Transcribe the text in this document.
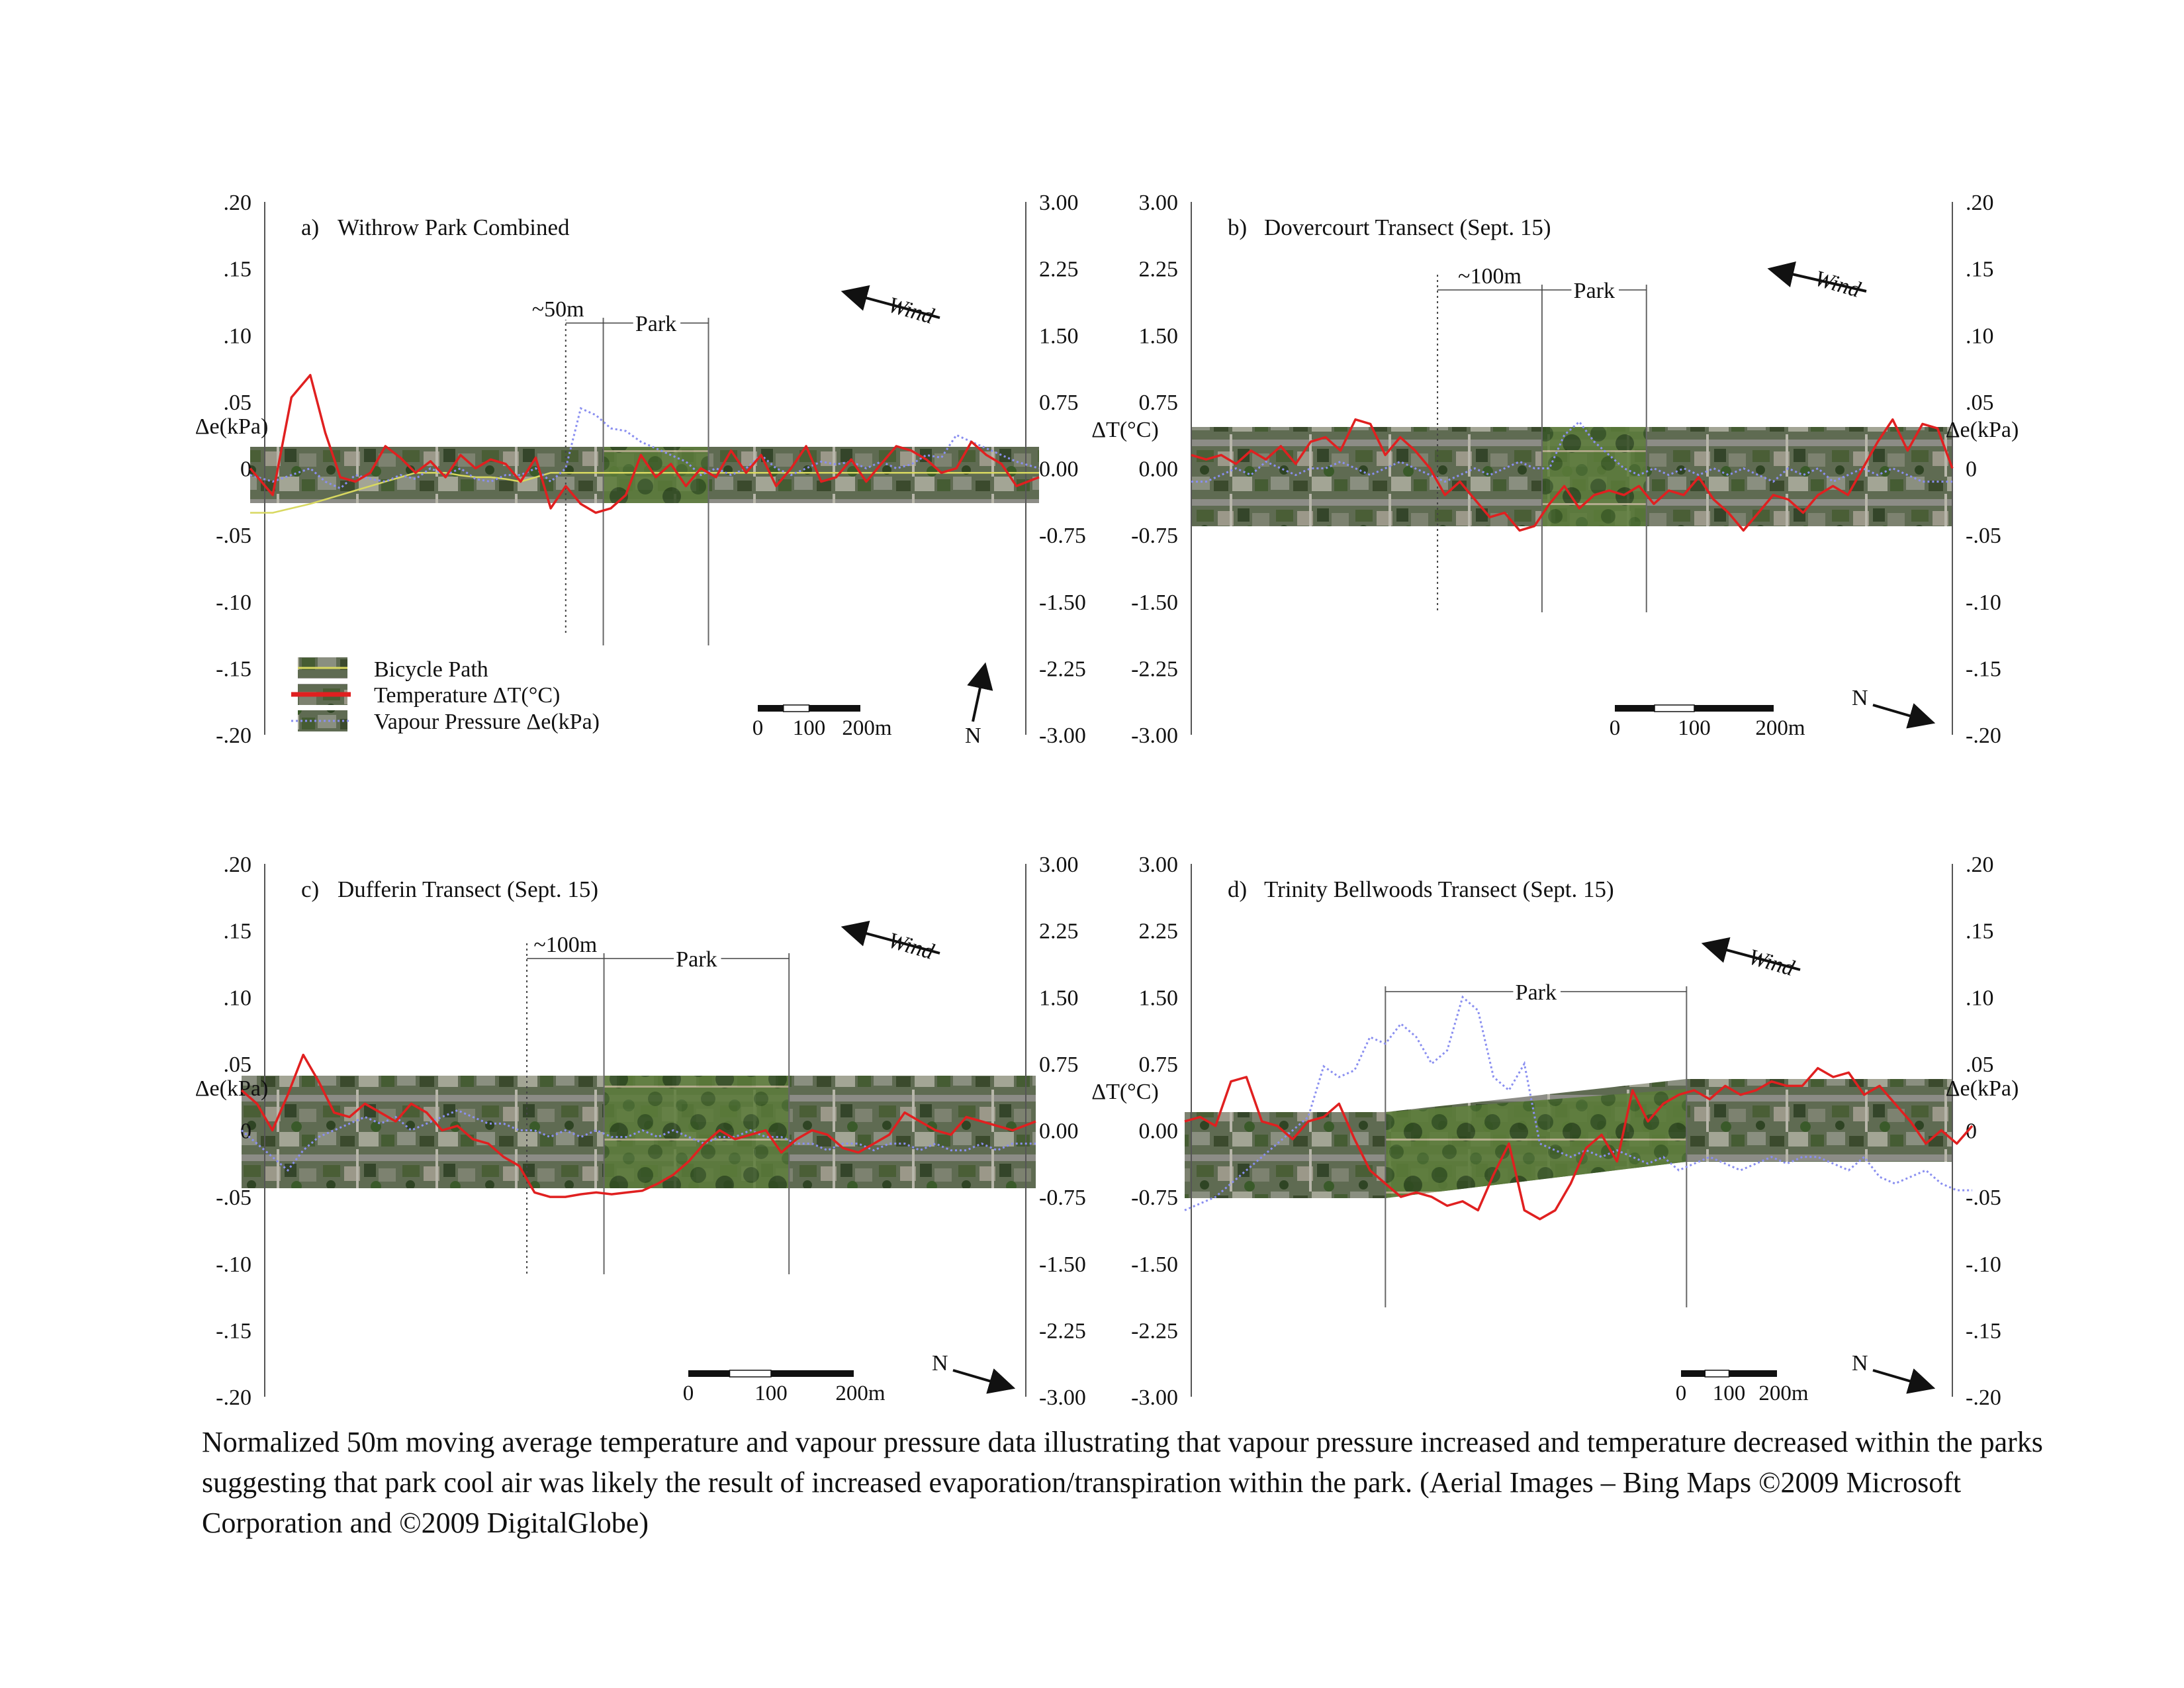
.20	3.00
.15	2.25
.10	1.50
.05	0.75
0	0.00
-.05	-0.75
-.10	-1.50
-.15	-2.25
-.20	-3.00
Δe(kPa)
a) Withrow Park Combined
Park
~50m	Wind
0 100 200m	N
3.00	.20
2.25	.15
1.50	.10
0.75	.05
0.00	0
-0.75	-.05
-1.50	-.10
-2.25	-.15
-3.00	-.20
Δe(kPa)
ΔT(°C)
b) Dovercourt Transect (Sept. 15)
Park
~100m	Wind
0	100 200m
N
.20	3.00
.15	2.25
.10	1.50
.05	0.75
0	0.00
-.05	-0.75
-.10	-1.50
-.15	-2.25
-.20	-3.00
Δe(kPa)
c) Dufferin Transect (Sept. 15)
Park
~100m	Wind
0	100 200m
N
3.00	.20
2.25	.15
1.50	.10
0.75	.05
0.00	0
-0.75	-.05
-1.50	-.10
-2.25	-.15
-3.00	-.20
Δe(kPa)
ΔT(°C)
d) Trinity Bellwoods Transect (Sept. 15)
Park
Wind
0 100 200m
N
Bicycle Path
Temperature ΔT(°C)
Vapour Pressure Δe(kPa)
Normalized 50m moving average temperature and vapour pressure data illustrating that vapour pressure increased and temperature decreased within the parks suggesting that park cool air was likely the result of increased evaporation/transpiration within the park. (Aerial Images – Bing Maps ©2009 Microsoft Corporation and ©2009 DigitalGlobe)
